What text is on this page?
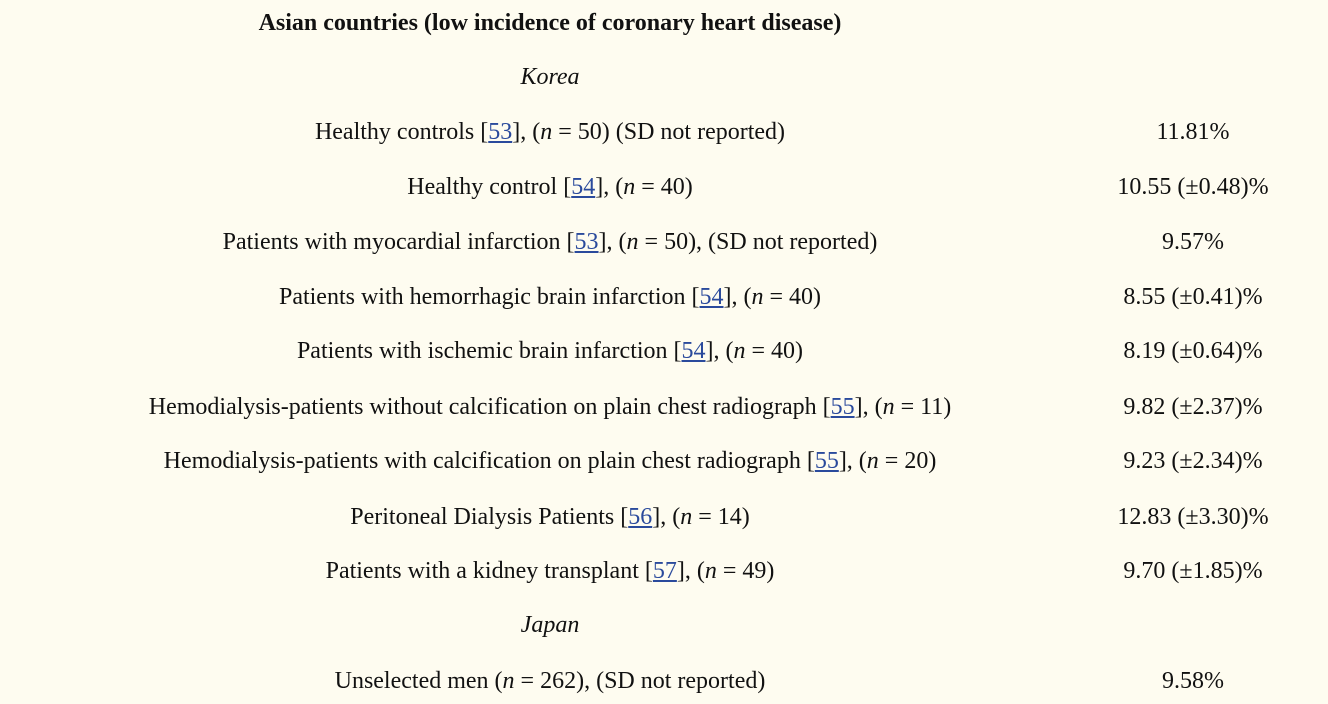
Asian countries (low incidence of coronary heart disease)
Korea
Healthy controls [53], (n = 50) (SD not reported)	11.81%
Healthy control [54], (n = 40)	10.55 (±0.48)%
Patients with myocardial infarction [53], (n = 50), (SD not reported)	9.57%
Patients with hemorrhagic brain infarction [54], (n = 40)	8.55 (±0.41)%
Patients with ischemic brain infarction [54], (n = 40)	8.19 (±0.64)%
Hemodialysis-patients without calcification on plain chest radiograph [55], (n = 11)	9.82 (±2.37)%
Hemodialysis-patients with calcification on plain chest radiograph [55], (n = 20)	9.23 (±2.34)%
Peritoneal Dialysis Patients [56], (n = 14)	12.83 (±3.30)%
Patients with a kidney transplant [57], (n = 49)	9.70 (±1.85)%
Japan
Unselected men (n = 262), (SD not reported)	9.58%
